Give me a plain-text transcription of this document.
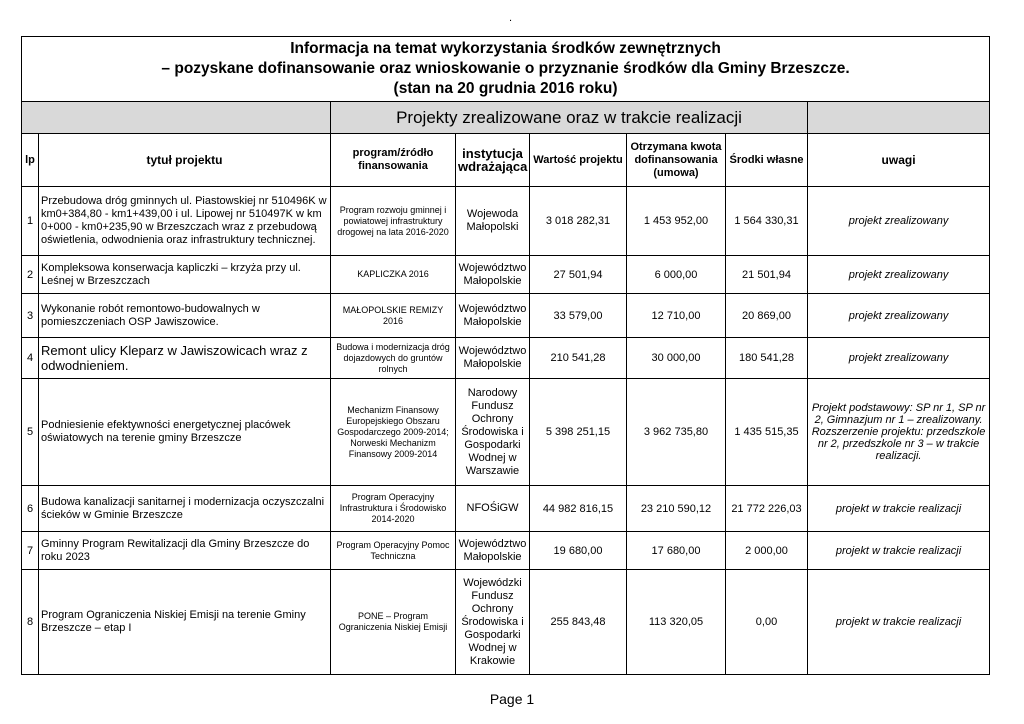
.
Informacja na temat wykorzystania środków zewnętrznych
– pozyskane dofinansowanie oraz wnioskowanie o przyznanie środków dla Gminy Brzeszcze.
(stan na 20 grudnia 2016 roku)							

		Projekty zrealizowane oraz w trakcie realizacji					
lp	tytuł projektu	program/źródło finansowania	instytucja wdrażająca	Wartość projektu	Otrzymana kwota dofinansowania (umowa)	Środki własne	uwagi
1	Przebudowa dróg gminnych ul. Piastowskiej nr 510496K w km0+384,80 - km1+439,00 i ul. Lipowej nr 510497K w km 0+000 - km0+235,90 w Brzeszczach wraz z przebudową oświetlenia, odwodnienia oraz infrastruktury technicznej.	Program rozwoju gminnej i powiatowej infrastruktury drogowej na lata 2016-2020	Wojewoda Małopolski	3 018 282,31	1 453 952,00	1 564 330,31	projekt zrealizowany
2	Kompleksowa konserwacja kapliczki – krzyża przy ul. Leśnej w Brzeszczach	KAPLICZKA 2016	Województwo Małopolskie	27 501,94	6 000,00	21 501,94	projekt zrealizowany
3	Wykonanie robót remontowo-budowalnych w pomieszczeniach OSP Jawiszowice.	MAŁOPOLSKIE REMIZY 2016	Województwo Małopolskie	33 579,00	12 710,00	20 869,00	projekt zrealizowany
4	Remont ulicy Kleparz w Jawiszowicach wraz z odwodnieniem.	Budowa i modernizacja dróg dojazdowych do gruntów rolnych	Województwo Małopolskie	210 541,28	30 000,00	180 541,28	projekt zrealizowany
5	Podniesienie efektywności energetycznej placówek oświatowych na terenie gminy Brzeszcze	Mechanizm Finansowy Europejskiego Obszaru Gospodarczego 2009-2014; Norweski Mechanizm Finansowy 2009-2014	Narodowy Fundusz Ochrony Środowiska i Gospodarki Wodnej w Warszawie	5 398 251,15	3 962 735,80	1 435 515,35	Projekt podstawowy: SP nr 1, SP nr 2, Gimnazjum nr 1 – zrealizowany. Rozszerzenie projektu: przedszkole nr 2, przedszkole nr 3 – w trakcie realizacji.
6	Budowa kanalizacji sanitarnej i modernizacja oczyszczalni ścieków w Gminie Brzeszcze	Program Operacyjny Infrastruktura i Środowisko 2014-2020	NFOŚiGW	44 982 816,15	23 210 590,12	21 772 226,03	projekt w trakcie realizacji
7	Gminny Program Rewitalizacji dla Gminy Brzeszcze do roku 2023	Program Operacyjny Pomoc Techniczna	Województwo Małopolskie	19 680,00	17 680,00	2 000,00	projekt w trakcie realizacji
8	Program Ograniczenia Niskiej Emisji na terenie Gminy Brzeszcze – etap I	PONE – Program Ograniczenia Niskiej Emisji	Wojewódzki Fundusz Ochrony Środowiska i Gospodarki Wodnej w Krakowie	255 843,48	113 320,05	0,00	projekt w trakcie realizacji
Page 1
